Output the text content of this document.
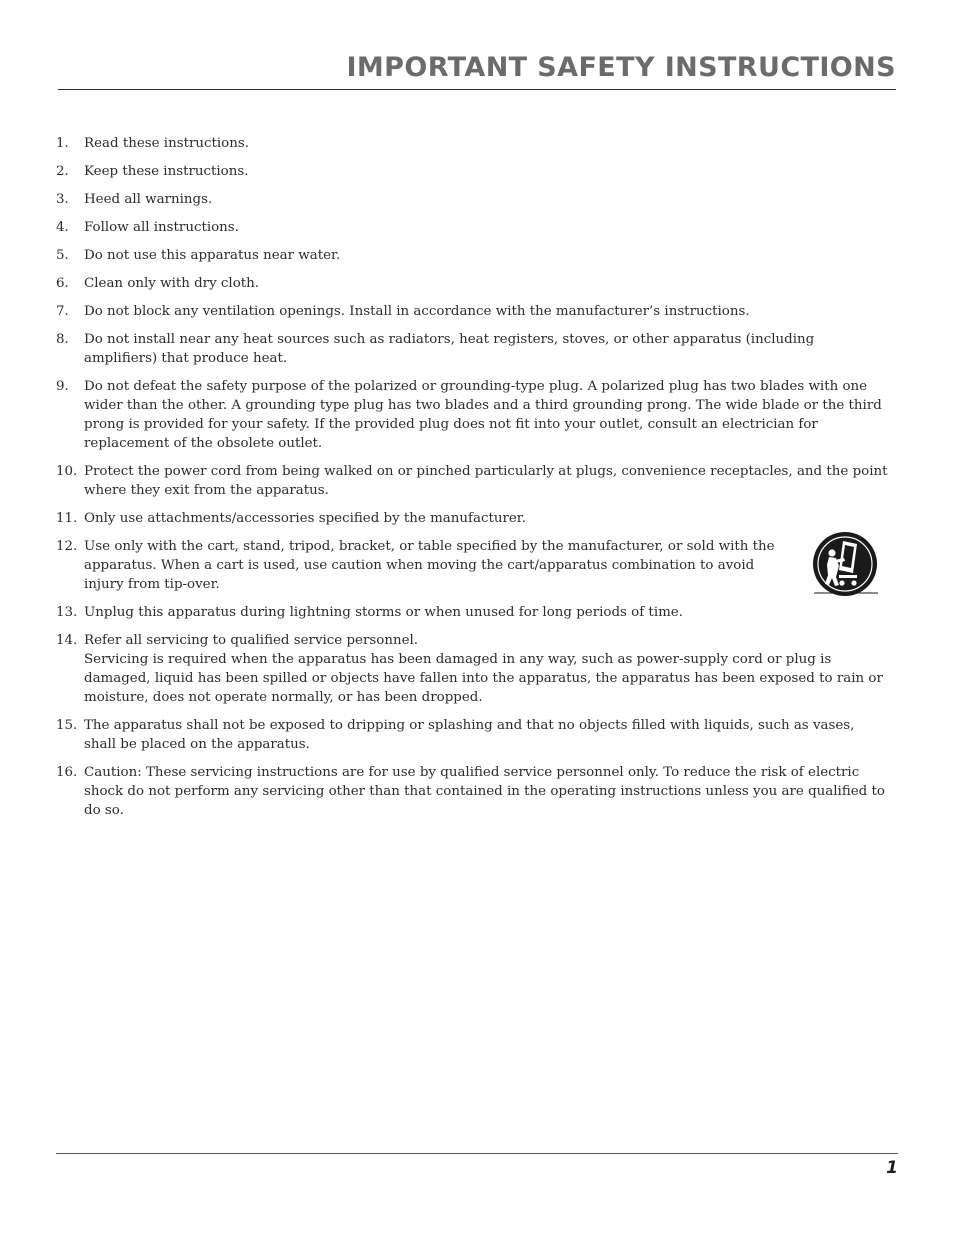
IMPORTANT SAFETY INSTRUCTIONS
1. Read these instructions.
2. Keep these instructions.
3. Heed all warnings.
4. Follow all instructions.
5. Do not use this apparatus near water.
6. Clean only with dry cloth.
7. Do not block any ventilation openings. Install in accordance with the manufacturer’s instructions.
8. Do not install near any heat sources such as radiators, heat registers, stoves, or other apparatus (including amplifiers) that produce heat.
9. Do not defeat the safety purpose of the polarized or grounding-type plug. A polarized plug has two blades with one wider than the other. A grounding type plug has two blades and a third grounding prong. The wide blade or the third prong is provided for your safety. If the provided plug does not fit into your outlet, consult an electrician for replacement of the obsolete outlet.
10. Protect the power cord from being walked on or pinched particularly at plugs, convenience receptacles, and the point where they exit from the apparatus.
11. Only use attachments/accessories specified by the manufacturer.
12. Use only with the cart, stand, tripod, bracket, or table specified by the manufacturer, or sold with the apparatus. When a cart is used, use caution when moving the cart/apparatus combination to avoid injury from tip-over.
13. Unplug this apparatus during lightning storms or when unused for long periods of time.
14. Refer all servicing to qualified service personnel.
Servicing is required when the apparatus has been damaged in any way, such as power-supply cord or plug is damaged, liquid has been spilled or objects have fallen into the apparatus, the apparatus has been exposed to rain or moisture, does not operate normally, or has been dropped.
15. The apparatus shall not be exposed to dripping or splashing and that no objects filled with liquids, such as vases, shall be placed on the apparatus.
16. Caution: These servicing instructions are for use by qualified service personnel only. To reduce the risk of electric shock do not perform any servicing other than that contained in the operating instructions unless you are qualified to do so.
1
